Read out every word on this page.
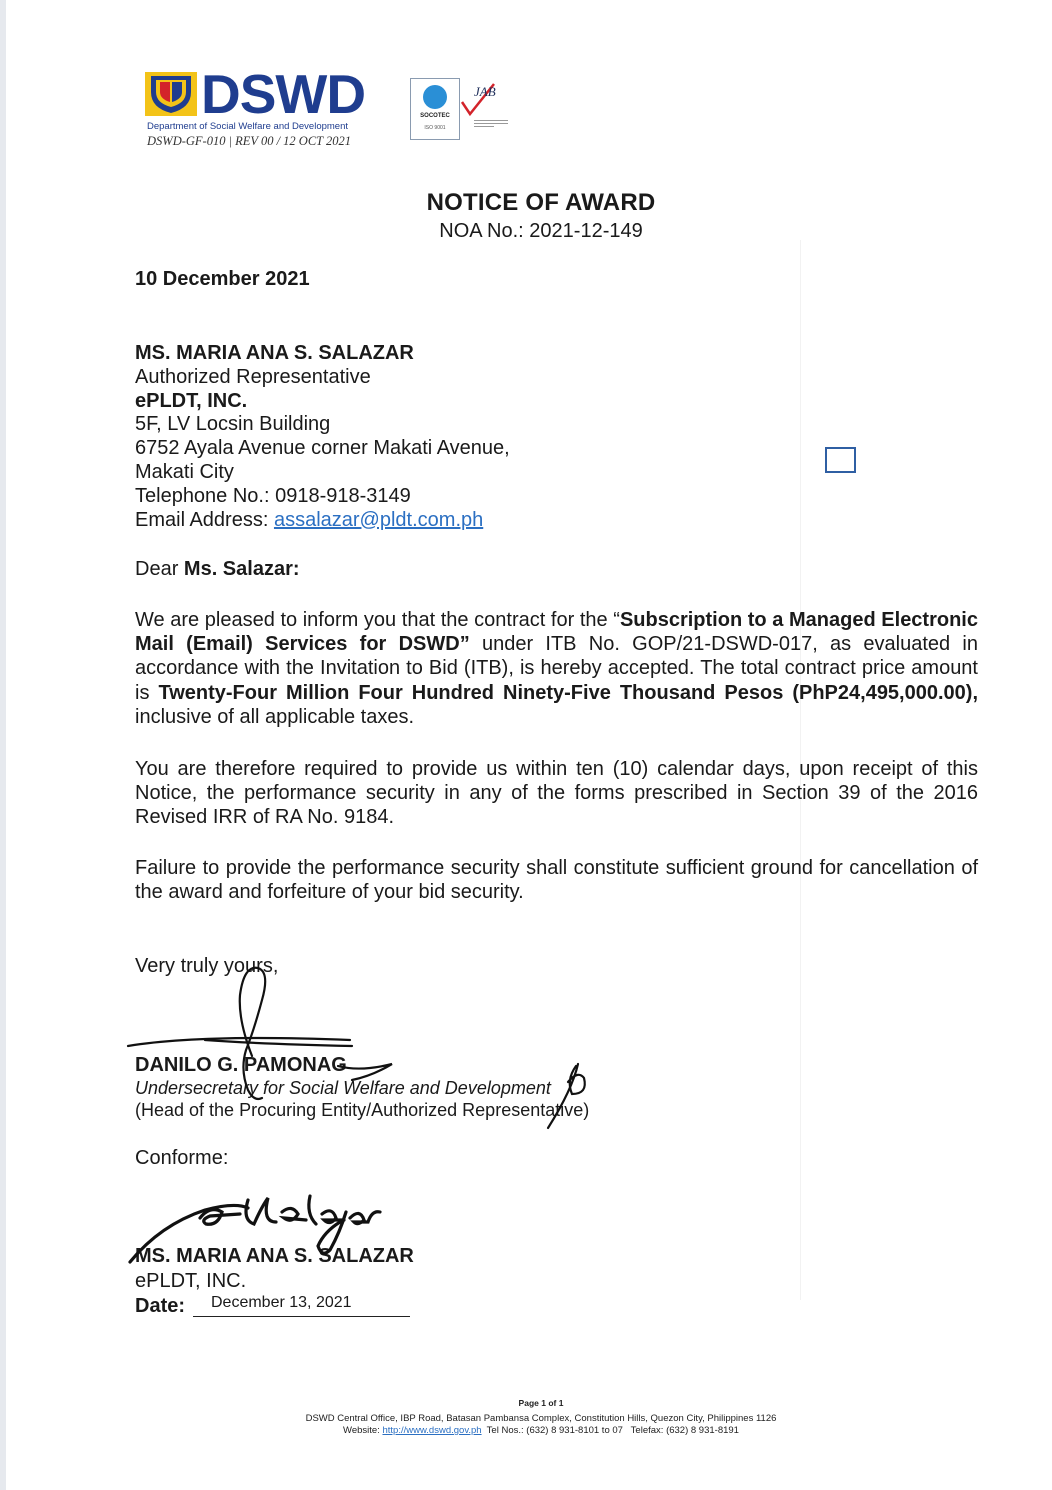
DSWD
Department of Social Welfare and Development
DSWD-GF-010 | REV 00 / 12 OCT 2021
SOCOTEC
ISO 9001
JAB
NOTICE OF AWARD
NOA No.: 2021-12-149
10 December 2021
MS. MARIA ANA S. SALAZAR
Authorized Representative
ePLDT, INC.
5F, LV Locsin Building
6752 Ayala Avenue corner Makati Avenue,
Makati City
Telephone No.: 0918-918-3149
Email Address: assalazar@pldt.com.ph
Dear Ms. Salazar:
We are pleased to inform you that the contract for the “Subscription to a Managed Electronic Mail (Email) Services for DSWD” under ITB No. GOP/21-DSWD-017, as evaluated in accordance with the Invitation to Bid (ITB), is hereby accepted. The total contract price amount is Twenty-Four Million Four Hundred Ninety-Five Thousand Pesos (PhP24,495,000.00), inclusive of all applicable taxes.
You are therefore required to provide us within ten (10) calendar days, upon receipt of this Notice, the performance security in any of the forms prescribed in Section 39 of the 2016 Revised IRR of RA No. 9184.
Failure to provide the performance security shall constitute sufficient ground for cancellation of the award and forfeiture of your bid security.
Very truly yours,
DANILO G. PAMONAG
Undersecretary for Social Welfare and Development
(Head of the Procuring Entity/Authorized Representative)
Conforme:
MS. MARIA ANA S. SALAZAR
ePLDT, INC.
Date: December 13, 2021
Page 1 of 1
DSWD Central Office, IBP Road, Batasan Pambansa Complex, Constitution Hills, Quezon City, Philippines 1126
Website: http://www.dswd.gov.ph  Tel Nos.: (632) 8 931-8101 to 07   Telefax: (632) 8 931-8191
